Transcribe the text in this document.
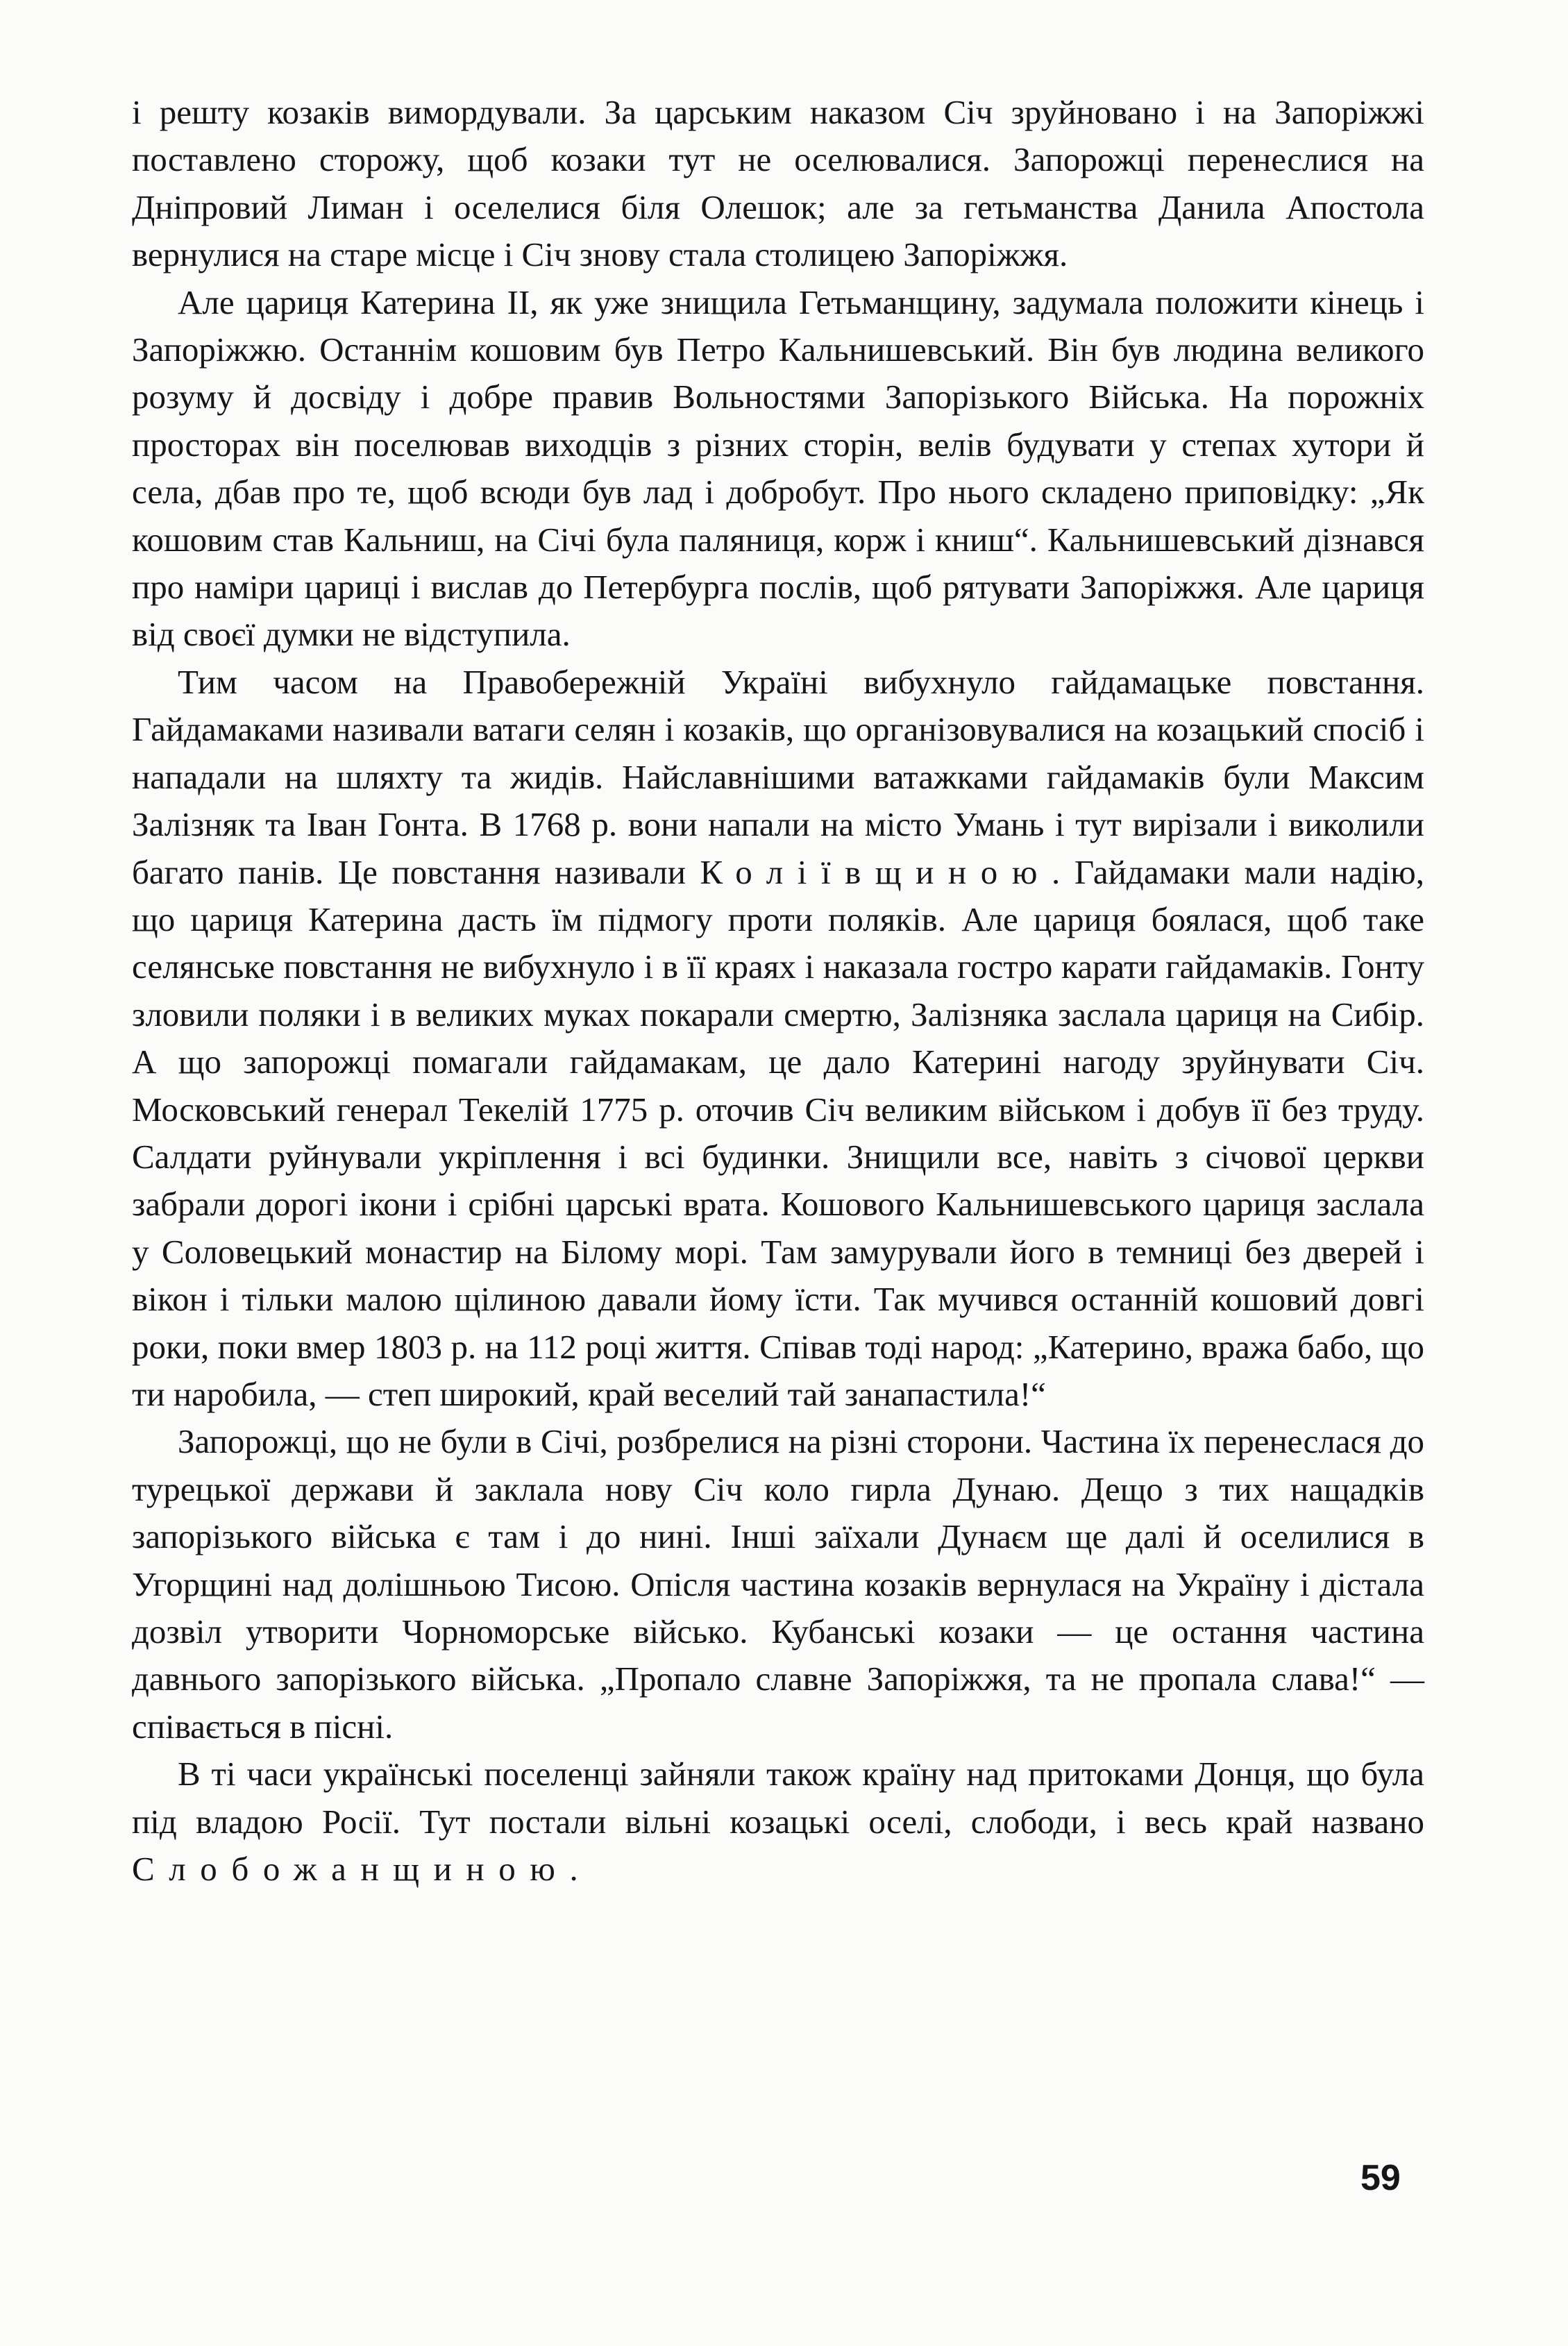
і решту козаків вимордували. За царським наказом Січ зруйновано і на Запоріжжі поставлено сторожу, щоб козаки тут не оселювалися. Запорожці перенеслися на Дніпровий Лиман і оселелися біля Олешок; але за гетьманства Данила Апостола вернулися на старе місце і Січ знову стала столицею Запоріжжя.

Але цариця Катерина II, як уже знищила Гетьманщину, задумала положити кінець і Запоріжжю. Останнім кошовим був Петро Кальнишевський. Він був людина великого розуму й досвіду і добре правив Вольностями Запорізького Війська. На порожніх просторах він поселював виходців з різних сторін, велів будувати у степах хутори й села, дбав про те, щоб всюди був лад і добробут. Про нього складено приповідку: „Як кошовим став Кальниш, на Січі була паляниця, корж і книш“. Кальнишевський дізнався про наміри цариці і вислав до Петербурга послів, щоб рятувати Запоріжжя. Але цариця від своєї думки не відступила.

Тим часом на Правобережній Україні вибухнуло гайдамацьке повстання. Гайдамаками називали ватаги селян і козаків, що організовувалися на козацький спосіб і нападали на шляхту та жидів. Найславнішими ватажками гайдамаків були Максим Залізняк та Іван Гонта. В 1768 р. вони напали на місто Умань і тут вирізали і виколили багато панів. Це повстання називали Коліївщиною. Гайдамаки мали надію, що цариця Катерина дасть їм підмогу проти поляків. Але цариця боялася, щоб таке селянське повстання не вибухнуло і в її краях і наказала гостро карати гайдамаків. Гонту зловили поляки і в великих муках покарали смертю, Залізняка заслала цариця на Сибір. А що запорожці помагали гайдамакам, це дало Катерині нагоду зруйнувати Січ. Московський генерал Текелій 1775 р. оточив Січ великим військом і добув її без труду. Салдати руйнували укріплення і всі будинки. Знищили все, навіть з січової церкви забрали дорогі ікони і срібні царські врата. Кошового Кальнишевського цариця заслала у Соловецький монастир на Білому морі. Там замурували його в темниці без дверей і вікон і тільки малою щілиною давали йому їсти. Так мучився останній кошовий довгі роки, поки вмер 1803 р. на 112 році життя. Співав тоді народ: „Катерино, вража бабо, що ти наробила, — степ широкий, край веселий тай занапастила!“

Запорожці, що не були в Січі, розбрелися на різні сторони. Частина їх перенеслася до турецької держави й заклала нову Січ коло гирла Дунаю. Дещо з тих нащадків запорізького війська є там і до нині. Інші заїхали Дунаєм ще далі й оселилися в Угорщині над долішньою Тисою. Опісля частина козаків вернулася на Україну і дістала дозвіл утворити Чорноморське військо. Кубанські козаки — це остання частина давнього запорізького війська. „Пропало славне Запоріжжя, та не пропала слава!“ — співається в пісні.

В ті часи українські поселенці зайняли також країну над притоками Донця, що була під владою Росії. Тут постали вільні козацькі оселі, слободи, і весь край названо Слобожанщиною.

59
